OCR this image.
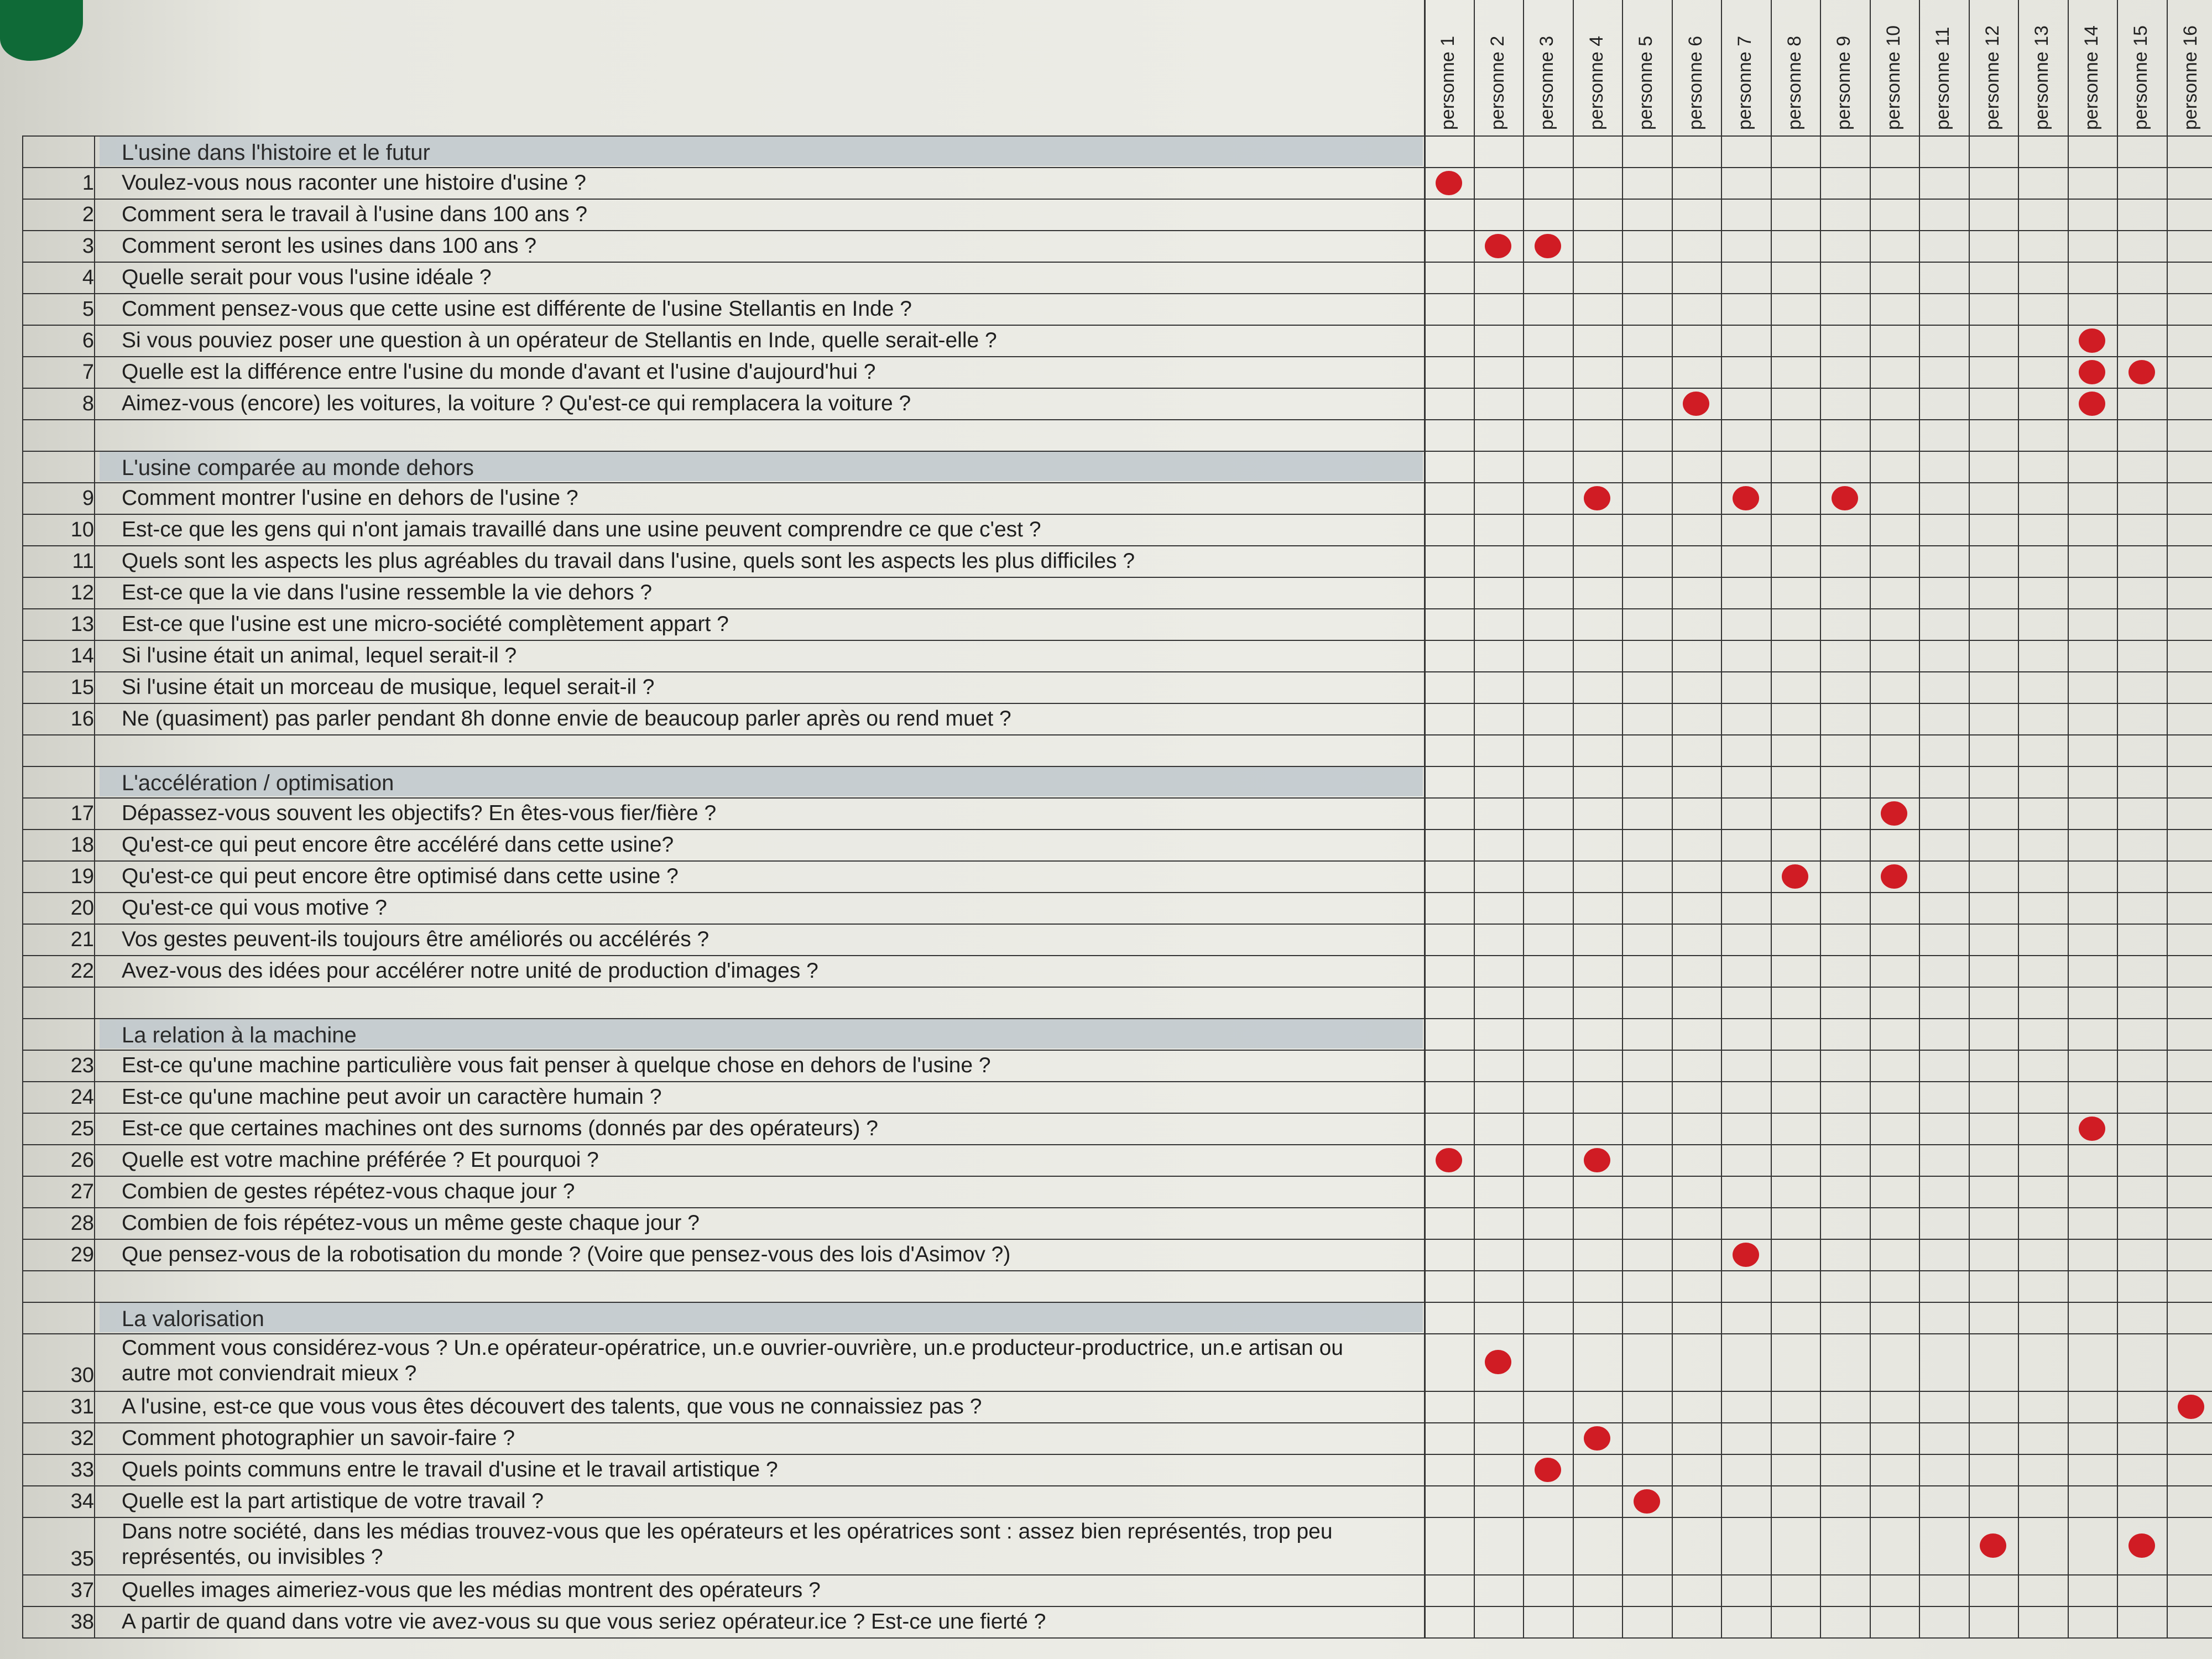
personne 1 personne 2 personne 3 personne 4 personne 5 personne 6 personne 7 personne 8 personne 9 personne 10 personne 11 personne 12 personne 13 personne 14 personne 15 personne 16
L'usine dans l'histoire et le futur
1 Voulez-vous nous raconter une histoire d'usine ?
2 Comment sera le travail à l'usine dans 100 ans ?
3 Comment seront les usines dans 100 ans ?
4 Quelle serait pour vous l'usine idéale ?
5 Comment pensez-vous que cette usine est différente de l'usine Stellantis en Inde ?
6 Si vous pouviez poser une question à un opérateur de Stellantis en Inde, quelle serait-elle ?
7 Quelle est la différence entre l'usine du monde d'avant et l'usine d'aujourd'hui ?
8 Aimez-vous (encore) les voitures, la voiture ? Qu'est-ce qui remplacera la voiture ?
L'usine comparée au monde dehors
9 Comment montrer l'usine en dehors de l'usine ?
10 Est-ce que les gens qui n'ont jamais travaillé dans une usine peuvent comprendre ce que c'est ?
11 Quels sont les aspects les plus agréables du travail dans l'usine, quels sont les aspects les plus difficiles ?
12 Est-ce que la vie dans l'usine ressemble la vie dehors ?
13 Est-ce que l'usine est une micro-société complètement appart ?
14 Si l'usine était un animal, lequel serait-il ?
15 Si l'usine était un morceau de musique, lequel serait-il ?
16 Ne (quasiment) pas parler pendant 8h donne envie de beaucoup parler après ou rend muet ?
L'accélération / optimisation
17 Dépassez-vous souvent les objectifs? En êtes-vous fier/fière ?
18 Qu'est-ce qui peut encore être accéléré dans cette usine?
19 Qu'est-ce qui peut encore être optimisé dans cette usine ?
20 Qu'est-ce qui vous motive ?
21 Vos gestes peuvent-ils toujours être améliorés ou accélérés ?
22 Avez-vous des idées pour accélérer notre unité de production d'images ?
La relation à la machine
23 Est-ce qu'une machine particulière vous fait penser à quelque chose en dehors de l'usine ?
24 Est-ce qu'une machine peut avoir un caractère humain ?
25 Est-ce que certaines machines ont des surnoms (donnés par des opérateurs) ?
26 Quelle est votre machine préférée ? Et pourquoi ?
27 Combien de gestes répétez-vous chaque jour ?
28 Combien de fois répétez-vous un même geste chaque jour ?
29 Que pensez-vous de la robotisation du monde ? (Voire que pensez-vous des lois d'Asimov ?)
La valorisation
30
Comment vous considérez-vous ? Un.e opérateur-opératrice, un.e ouvrier-ouvrière, un.e producteur-productrice, un.e artisan ou
autre mot conviendrait mieux ?
31 A l'usine, est-ce que vous vous êtes découvert des talents, que vous ne connaissiez pas ?
32 Comment photographier un savoir-faire ?
33 Quels points communs entre le travail d'usine et le travail artistique ?
34 Quelle est la part artistique de votre travail ?
35
Dans notre société, dans les médias trouvez-vous que les opérateurs et les opératrices sont : assez bien représentés, trop peu
représentés, ou invisibles ?
37 Quelles images aimeriez-vous que les médias montrent des opérateurs ?
38 A partir de quand dans votre vie avez-vous su que vous seriez opérateur.ice ? Est-ce une fierté ?
